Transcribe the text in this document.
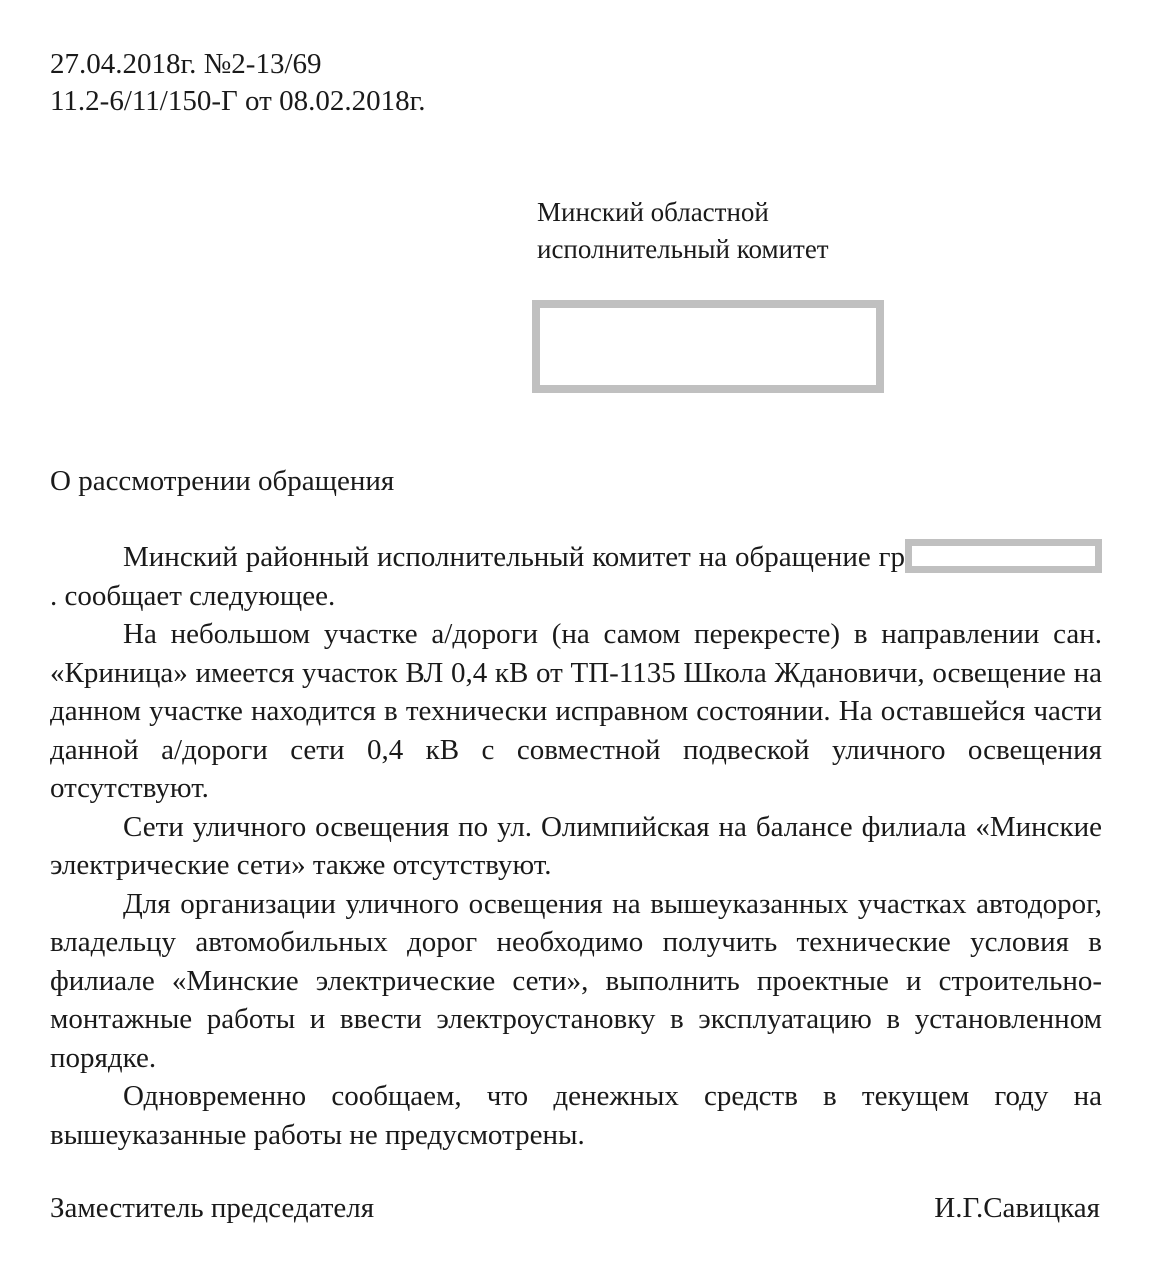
27.04.2018г. №2-13/69
11.2-6/11/150-Г от 08.02.2018г.
Минский областной
исполнительный комитет
О рассмотрении обращения

Минский районный исполнительный комитет на обращение гр. сообщает следующее.

На небольшом участке а/дороги (на самом перекресте) в направлении сан. «Криница» имеется участок ВЛ 0,4 кВ от ТП-1135 Школа Ждановичи, освещение на данном участке находится в технически исправном состоянии. На оставшейся части данной а/дороги сети 0,4 кВ с совместной подвеской уличного освещения отсутствуют.

Сети уличного освещения по ул. Олимпийская на балансе филиала «Минские электрические сети» также отсутствуют.

Для организации уличного освещения на вышеуказанных участках автодорог, владельцу автомобильных дорог необходимо получить технические условия в филиале «Минские электрические сети», выполнить проектные и строительно-монтажные работы и ввести электроустановку в эксплуатацию в установленном порядке.

Одновременно сообщаем, что денежных средств в текущем году на вышеуказанные работы не предусмотрены.

Заместитель председателя	И.Г.Савицкая
